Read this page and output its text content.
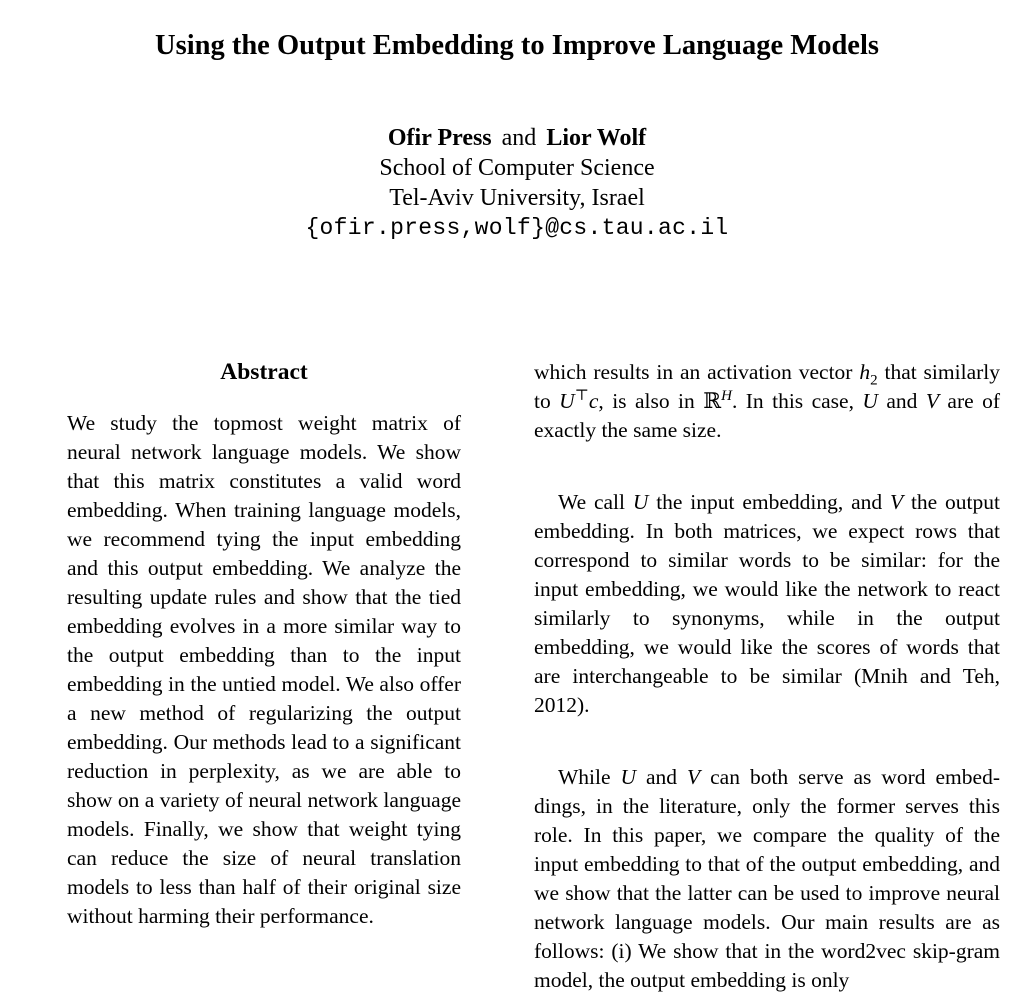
Using the Output Embedding to Improve Language Models
Ofir Press and Lior Wolf
School of Computer Science
Tel-Aviv University, Israel
{ofir.press,wolf}@cs.tau.ac.il
Abstract

We study the topmost weight matrix of neural network language models. We show that this matrix constitutes a valid word embedding. When training language models, we recommend tying the input embedding and this output embedding. We analyze the resulting update rules and show that the tied embedding evolves in a more similar way to the output embedding than to the input embedding in the untied model. We also offer a new method of regularizing the output embedding. Our methods lead to a significant reduction in perplexity, as we are able to show on a variety of neural network language models. Finally, we show that weight tying can reduce the size of neural translation models to less than half of their original size without harming their performance.

which results in an activation vector $h_2$ that similarly to U⊤c, is also in ℝ$^H$. In this case, U and V are of exactly the same size.

We call U the input embedding, and V the output embedding. In both matrices, we expect rows that correspond to similar words to be similar: for the input embedding, we would like the network to react similarly to synonyms, while in the output embedding, we would like the scores of words that are interchangeable to be similar (Mnih and Teh, 2012).

While U and V can both serve as word embeddings, in the literature, only the former serves this role. In this paper, we compare the quality of the input embedding to that of the output embedding, and we show that the latter can be used to improve neural network language models. Our main results are as follows: (i) We show that in the word2vec skip-gram model, the output embedding is only
